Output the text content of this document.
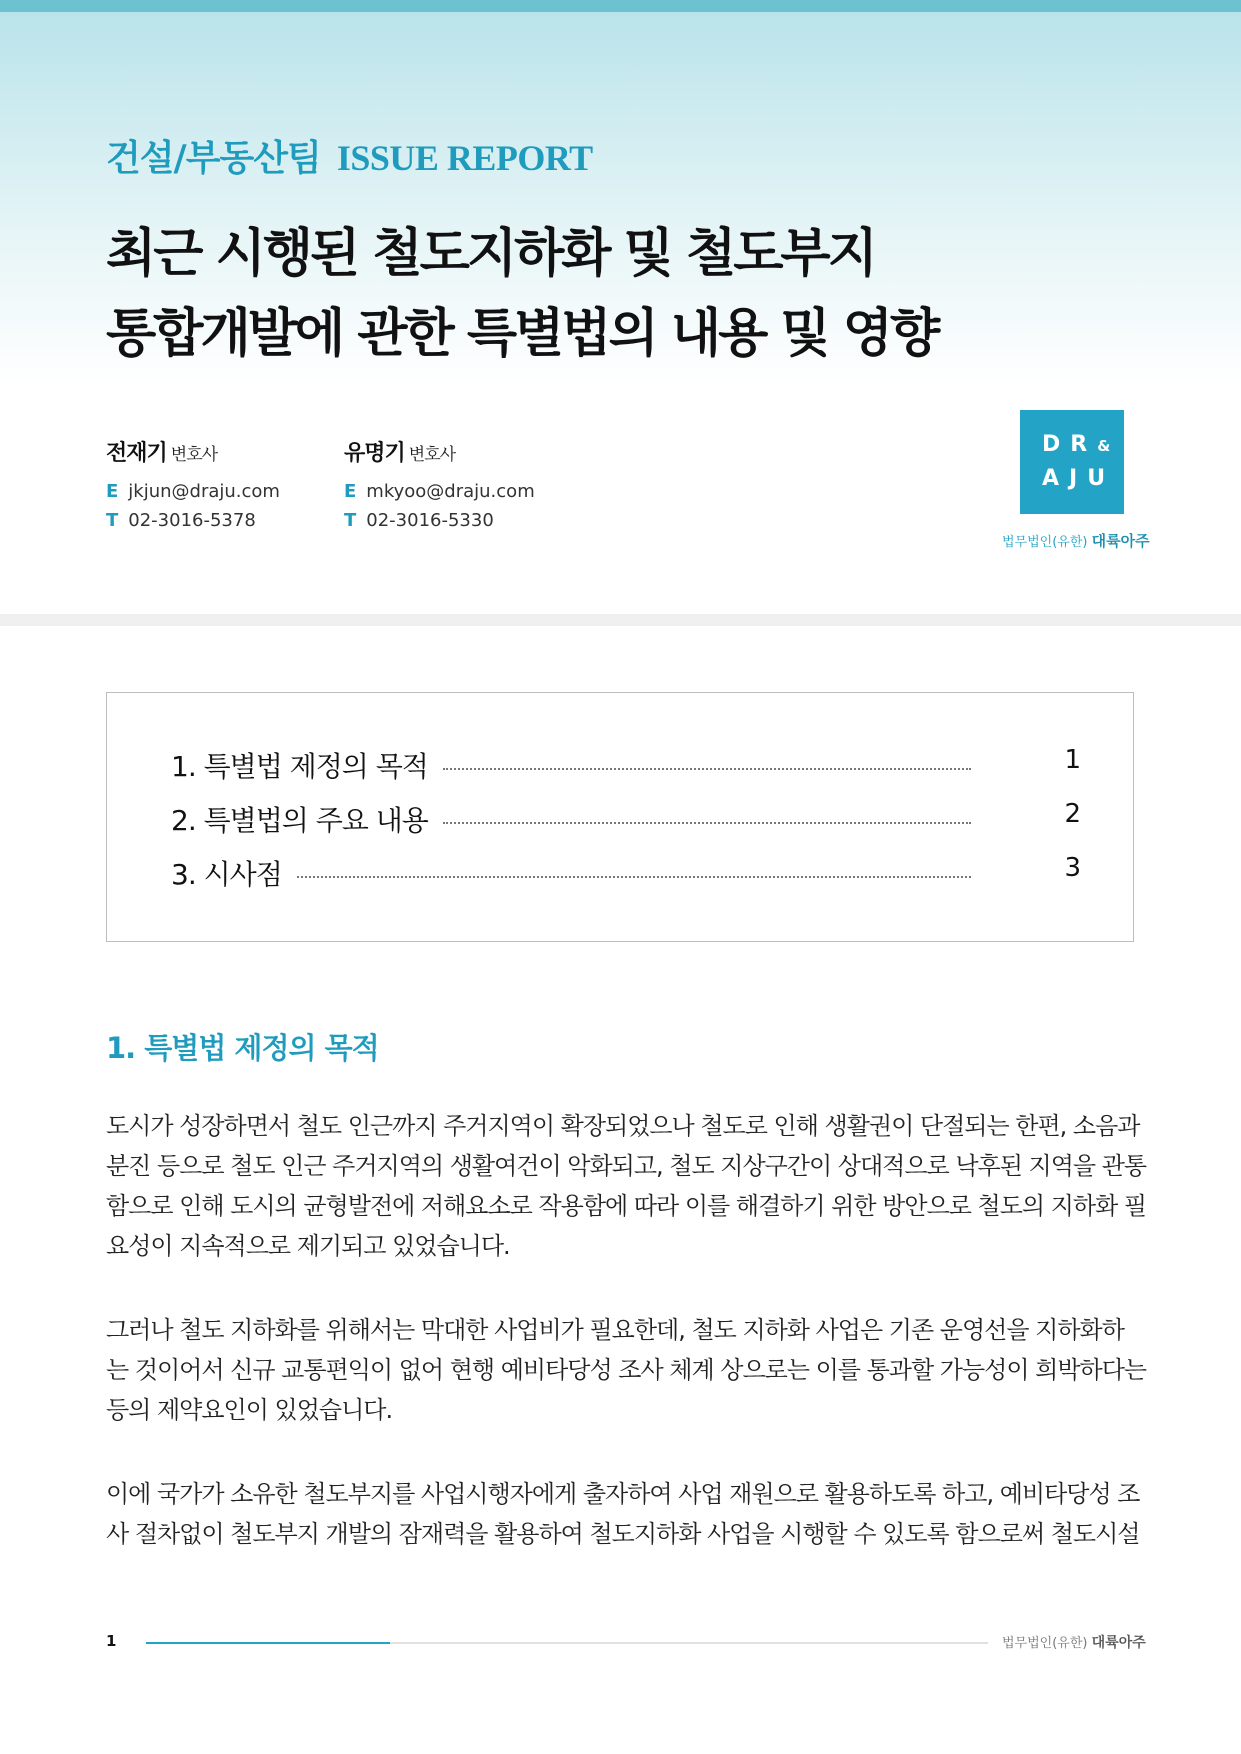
건설/부동산팀 ISSUE REPORT
최근 시행된 철도지하화 및 철도부지
통합개발에 관한 특별법의 내용 및 영향
전재기 변호사
E jkjun@draju.com
T 02-3016-5378
유명기 변호사
E mkyoo@draju.com
T 02-3016-5330
DR&
AJU
법무법인(유한) 대륙아주
1. 특별법 제정의 목적	1
2. 특별법의 주요 내용	2
3. 시사점	3
1. 특별법 제정의 목적
도시가 성장하면서 철도 인근까지 주거지역이 확장되었으나 철도로 인해 생활권이 단절되는 한편, 소음과
분진 등으로 철도 인근 주거지역의 생활여건이 악화되고, 철도 지상구간이 상대적으로 낙후된 지역을 관통
함으로 인해 도시의 균형발전에 저해요소로 작용함에 따라 이를 해결하기 위한 방안으로 철도의 지하화 필
요성이 지속적으로 제기되고 있었습니다.
그러나 철도 지하화를 위해서는 막대한 사업비가 필요한데, 철도 지하화 사업은 기존 운영선을 지하화하
는 것이어서 신규 교통편익이 없어 현행 예비타당성 조사 체계 상으로는 이를 통과할 가능성이 희박하다는
등의 제약요인이 있었습니다.
이에 국가가 소유한 철도부지를 사업시행자에게 출자하여 사업 재원으로 활용하도록 하고, 예비타당성 조
사 절차없이 철도부지 개발의 잠재력을 활용하여 철도지하화 사업을 시행할 수 있도록 함으로써 철도시설
1	법무법인(유한) 대륙아주
